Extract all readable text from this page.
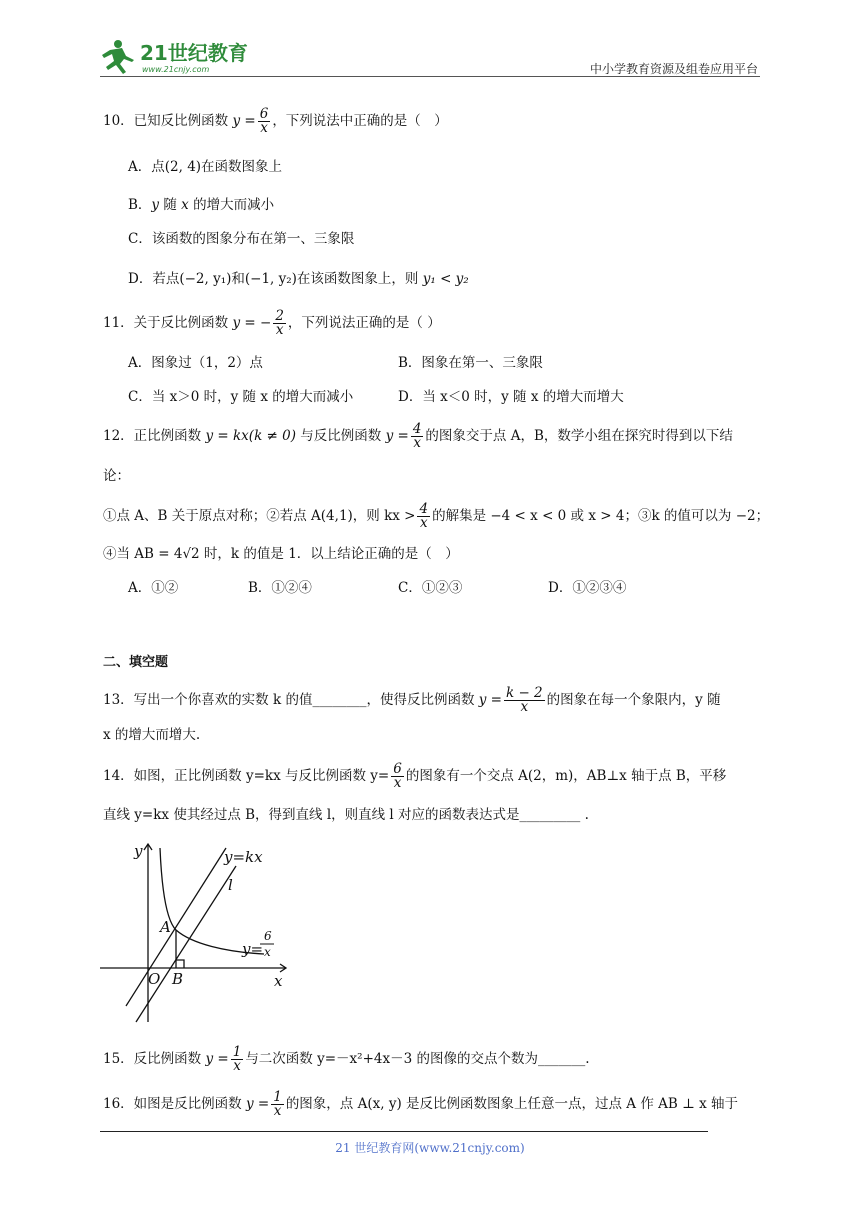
21世纪教育
www.21cnjy.com	中小学教育资源及组卷应用平台
10．已知反比例函数 $y = \frac{6}{x}$ ，下列说法中正确的是（　）
A．点(2, 4)在函数图象上
B．y 随 x 的增大而减小
C．该函数的图象分布在第一、三象限
D．若点(−2, y₁)和(−1, y₂)在该函数图象上，则 y₁ < y₂
11．关于反比例函数 y = − $\frac{2}{x}$ ，下列说法正确的是（ ）
A．图象过（1，2）点	B．图象在第一、三象限
C．当 x＞0 时，y 随 x 的增大而减小	D．当 x＜0 时，y 随 x 的增大而增大
12．正比例函数 y = kx(k ≠ 0) 与反比例函数 $y = \frac{4}{x}$ 的图象交于点 A，B，数学小组在探究时得到以下结
论：
①点 A、B 关于原点对称；②若点 A(4,1)，则 kx > $\frac{4}{x}$ 的解集是 −4 < x < 0 或 x > 4；③k 的值可以为 −2；
④当 AB = 4√2 时，k 的值是 1．以上结论正确的是（　）
A．①②	B．①②④	C．①②③	D．①②③④
二、填空题
13．写出一个你喜欢的实数 k 的值________，使得反比例函数 $y = \frac{k - 2}{x}$ 的图象在每一个象限内，y 随
x 的增大而增大.
14．如图，正比例函数 y=kx 与反比例函数 $y= \frac{6}{x}$ 的图象有一个交点 A(2，m)，AB⊥x 轴于点 B，平移
直线 y=kx 使其经过点 B，得到直线 l，则直线 l 对应的函数表达式是_________ .
y
x
y=kx
l
A
O B
y=
6
x
15．反比例函数 $y = \frac{1}{x}$ 与二次函数 y=－x²+4x－3 的图像的交点个数为_______.
16．如图是反比例函数 $y = \frac{1}{x}$ 的图象，点 A(x, y) 是反比例函数图象上任意一点，过点 A 作 AB ⊥ x 轴于
21 世纪教育网(www.21cnjy.com)
